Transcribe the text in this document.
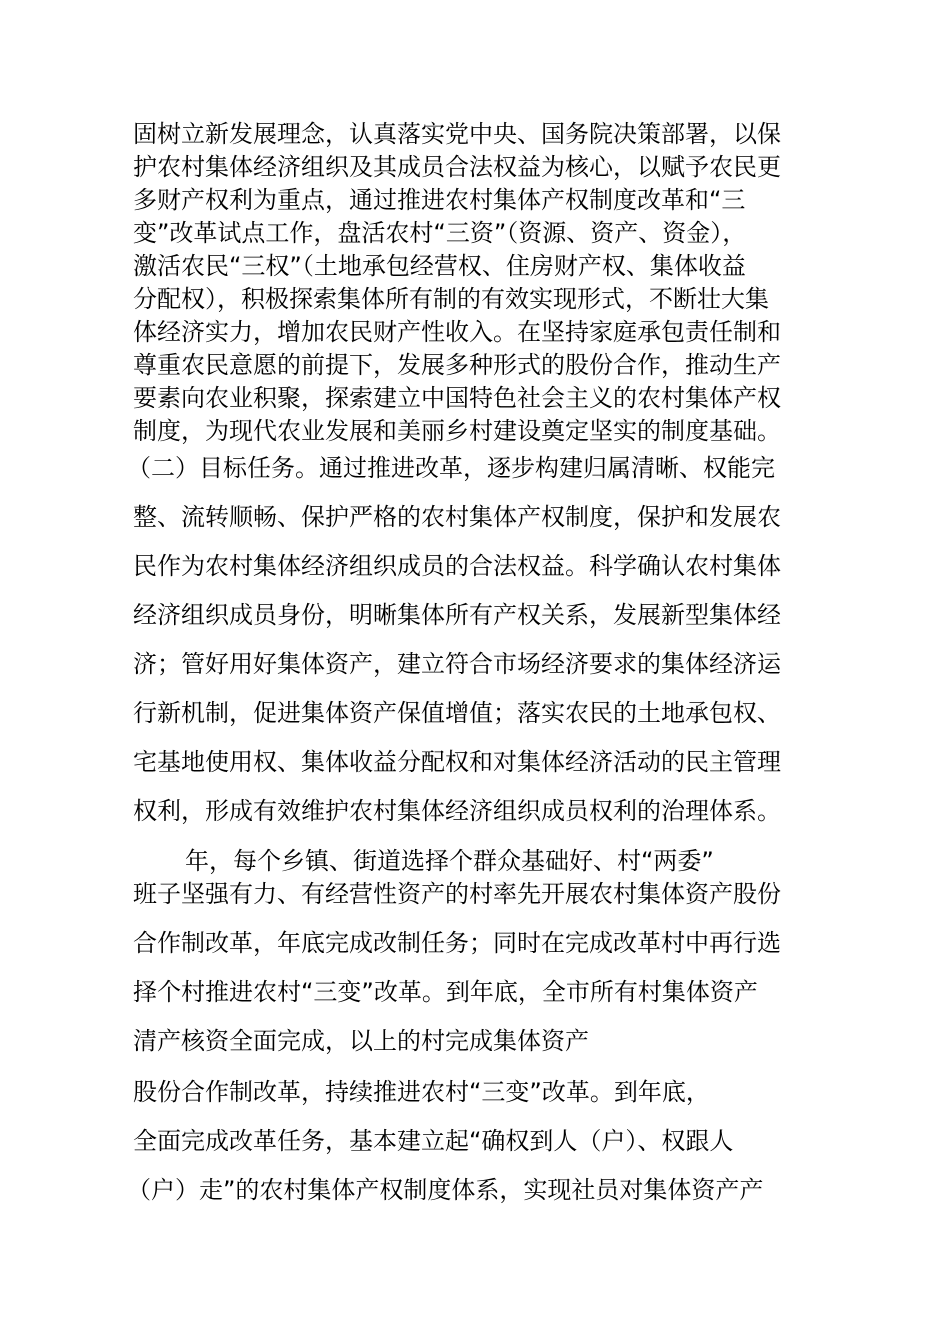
固树立新发展理念，认真落实党中央、国务院决策部署，以保
护农村集体经济组织及其成员合法权益为核心，以赋予农民更
多财产权利为重点，通过推进农村集体产权制度改革和“三
变”改革试点工作，盘活农村“三资”（资源、资产、资金），
激活农民“三权”（土地承包经营权、住房财产权、集体收益
分配权），积极探索集体所有制的有效实现形式，不断壮大集
体经济实力，增加农民财产性收入。在坚持家庭承包责任制和
尊重农民意愿的前提下，发展多种形式的股份合作，推动生产
要素向农业积聚，探索建立中国特色社会主义的农村集体产权
制度，为现代农业发展和美丽乡村建设奠定坚实的制度基础。
（二）目标任务。通过推进改革，逐步构建归属清晰、权能完
整、流转顺畅、保护严格的农村集体产权制度，保护和发展农
民作为农村集体经济组织成员的合法权益。科学确认农村集体
经济组织成员身份，明晰集体所有产权关系，发展新型集体经
济；管好用好集体资产，建立符合市场经济要求的集体经济运
行新机制，促进集体资产保值增值；落实农民的土地承包权、
宅基地使用权、集体收益分配权和对集体经济活动的民主管理
权利，形成有效维护农村集体经济组织成员权利的治理体系。
年，每个乡镇、街道选择个群众基础好、村“两委”
班子坚强有力、有经营性资产的村率先开展农村集体资产股份
合作制改革，年底完成改制任务；同时在完成改革村中再行选
择个村推进农村“三变”改革。到年底，全市所有村集体资产
清产核资全面完成，以上的村完成集体资产
股份合作制改革，持续推进农村“三变”改革。到年底，
全面完成改革任务，基本建立起“确权到人（户）、权跟人
（户）走”的农村集体产权制度体系，实现社员对集体资产产
